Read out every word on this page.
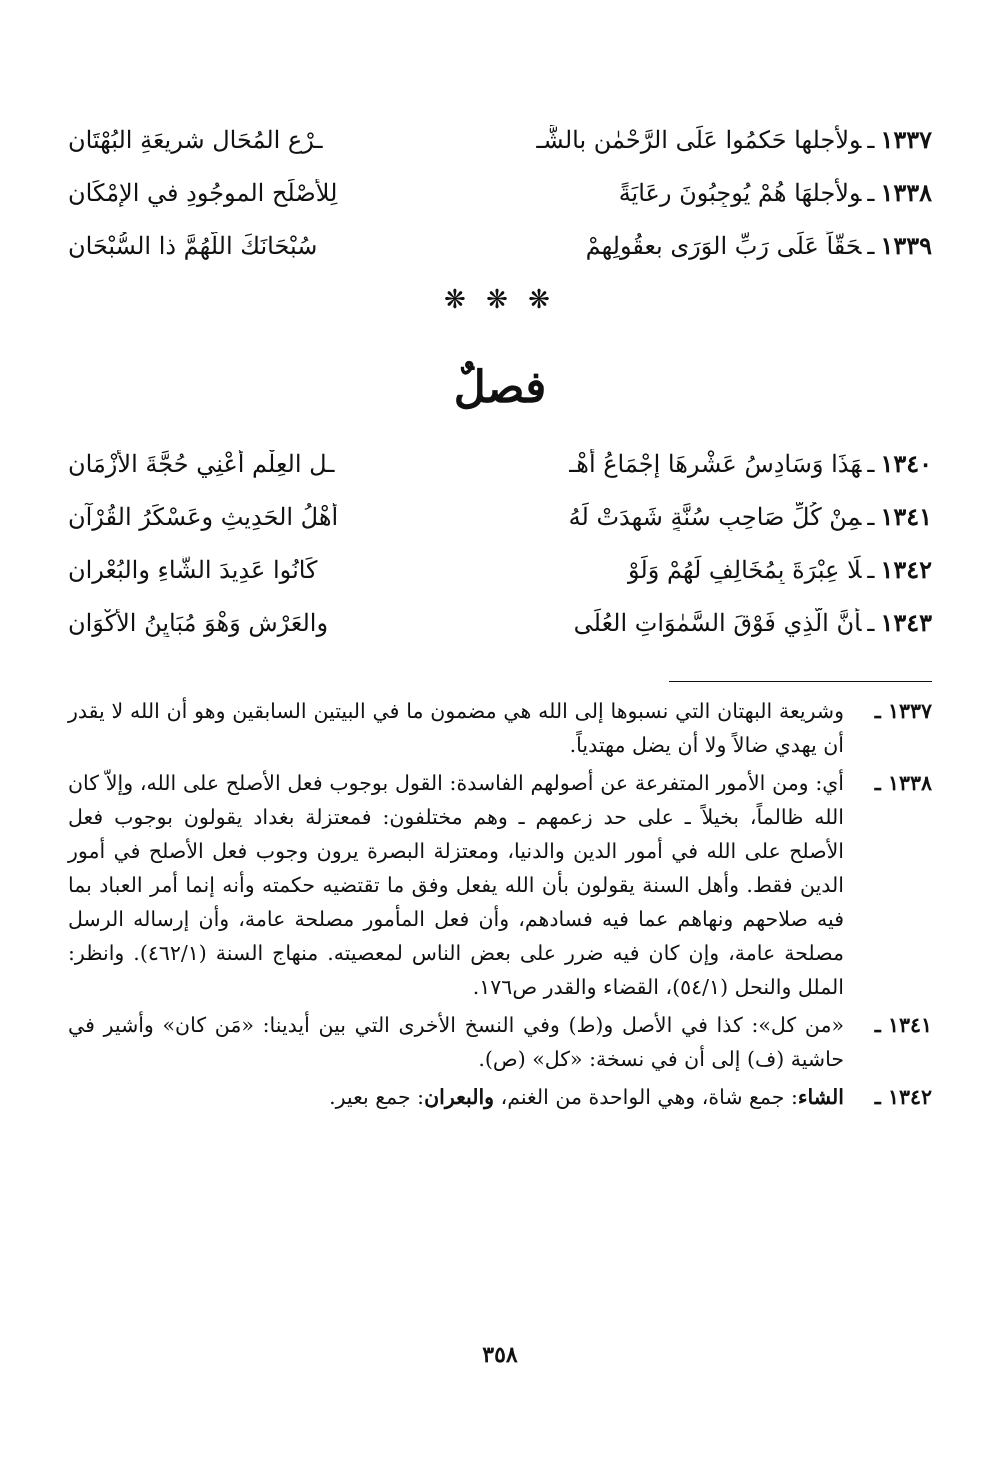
١٣٣٧ـولأجلها حَكمُوا عَلَى الرَّحْمٰنِ بالشَّـ
ـرْعِ المُحَالِ شريعَةِ البُهْتَانِ
١٣٣٨ـولأجلهَا هُمْ يُوجِبُونَ رِعَايَةً
لِلأَصْلَحِ الموجُودِ في الإِمْكَانِ
١٣٣٩ـحَقّاً عَلَى رَبِّ الوَرَى بعقُولِهِمْ
سُبْحَانَكَ اللَّهُمَّ ذا السُّبْحَانِ
❋ ❋ ❋
فصلٌ
١٣٤٠ـهَذَا وَسَادِسُ عَشْرِهَا إِجْمَاعُ أهْـ
ـلِ العِلْمِ أعْنِي حُجَّةَ الأزْمَانِ
١٣٤١ـمِنْ كُلِّ صَاحِبِ سُنَّةٍ شَهِدَتْ لَهُ
أَهْلُ الحَدِيثِ وعَسْكَرُ القُرْآنِ
١٣٤٢ـلَا عِبْرَةَ بِمُخَالِفٍ لَهُمْ وَلَوْ
كَانُوا عَدِيدَ الشَّاءِ والبُعْرانِ
١٣٤٣ـأَنَّ الَّذِي فَوْقَ السَّمٰوَاتِ العُلَى
والعَرْشِ وَهْوَ مُبَايِنُ الأكْوَانِ
١٣٣٧ ـ
وشريعة البهتان التي نسبوها إلى الله هي مضمون ما في البيتين السابقين وهو أن الله لا يقدر أن يهدي ضالاً ولا أن يضل مهتدياً.
١٣٣٨ ـ
أي: ومن الأمور المتفرعة عن أصولهم الفاسدة: القول بوجوب فعل الأصلح على الله، وإلاّ كان الله ظالماً، بخيلاً ـ على حد زعمهم ـ وهم مختلفون: فمعتزلة بغداد يقولون بوجوب فعل الأصلح على الله في أمور الدين والدنيا، ومعتزلة البصرة يرون وجوب فعل الأصلح في أمور الدين فقط. وأهل السنة يقولون بأن الله يفعل وفق ما تقتضيه حكمته وأنه إنما أمر العباد بما فيه صلاحهم ونهاهم عما فيه فسادهم، وأن فعل المأمور مصلحة عامة، وأن إرساله الرسل مصلحة عامة، وإن كان فيه ضرر على بعض الناس لمعصيته. منهاج السنة (٤٦٢/١). وانظر: الملل والنحل (٥٤/١)، القضاء والقدر ص١٧٦.
١٣٤١ ـ
«من كل»: كذا في الأصل و(ط) وفي النسخ الأخرى التي بين أيدينا: «مَن كان» وأشير في حاشية (ف) إلى أن في نسخة: «كل» (ص).
١٣٤٢ ـ
الشاء: جمع شاة، وهي الواحدة من الغنم، والبعران: جمع بعير.
٣٥٨
